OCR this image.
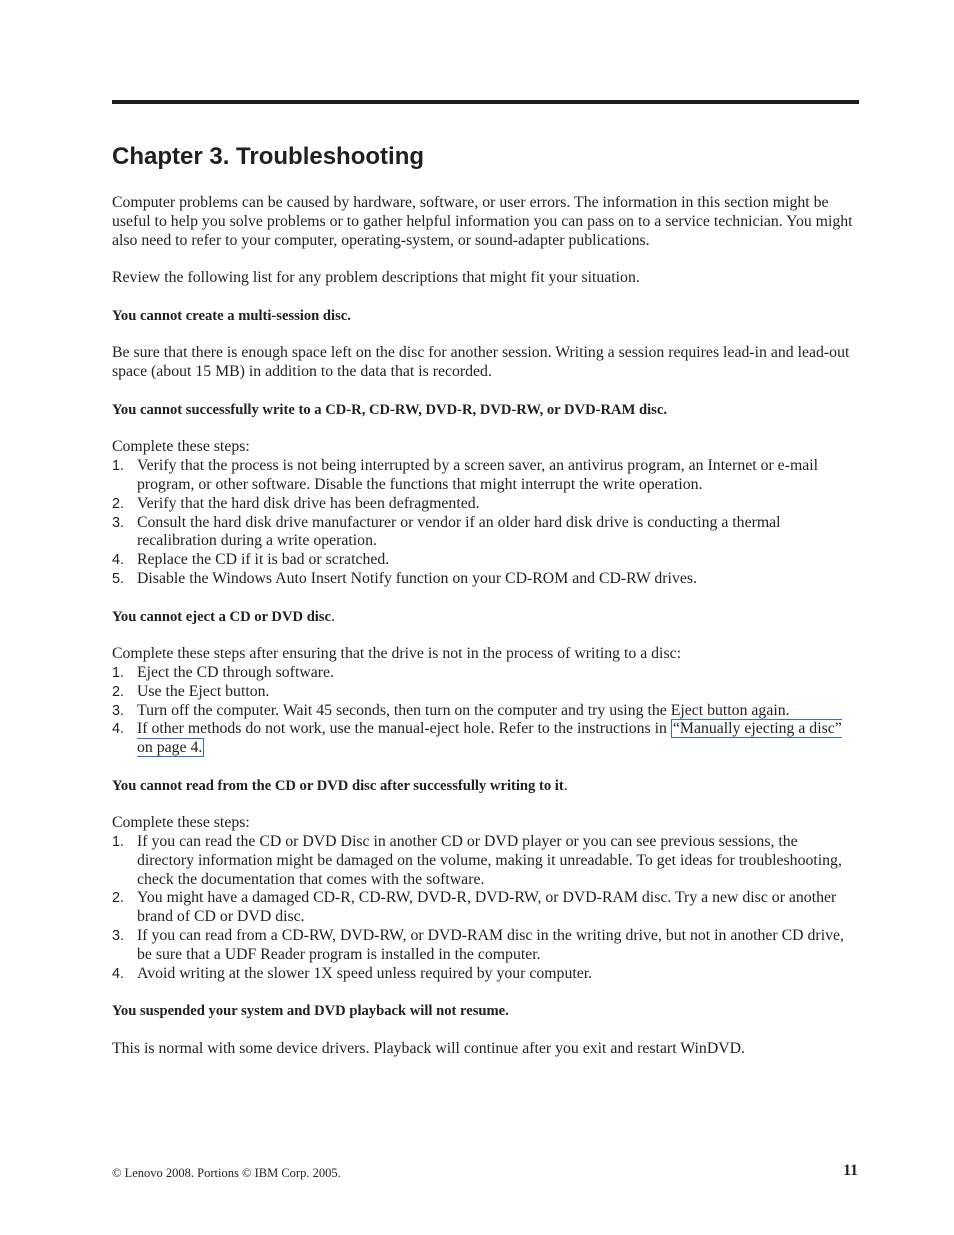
Chapter 3. Troubleshooting

Computer problems can be caused by hardware, software, or user errors. The information in this section might be useful to help you solve problems or to gather helpful information you can pass on to a service technician. You might also need to refer to your computer, operating-system, or sound-adapter publications.

Review the following list for any problem descriptions that might fit your situation.

You cannot create a multi-session disc.

Be sure that there is enough space left on the disc for another session. Writing a session requires lead-in and lead-out space (about 15 MB) in addition to the data that is recorded.

You cannot successfully write to a CD-R, CD-RW, DVD-R, DVD-RW, or DVD-RAM disc.

Complete these steps:

1. Verify that the process is not being interrupted by a screen saver, an antivirus program, an Internet or e-mail program, or other software. Disable the functions that might interrupt the write operation.
2. Verify that the hard disk drive has been defragmented.
3. Consult the hard disk drive manufacturer or vendor if an older hard disk drive is conducting a thermal recalibration during a write operation.
4. Replace the CD if it is bad or scratched.
5. Disable the Windows Auto Insert Notify function on your CD-ROM and CD-RW drives.

You cannot eject a CD or DVD disc.

Complete these steps after ensuring that the drive is not in the process of writing to a disc:

1. Eject the CD through software.
2. Use the Eject button.
3. Turn off the computer. Wait 45 seconds, then turn on the computer and try using the Eject button again.
4. If other methods do not work, use the manual-eject hole. Refer to the instructions in “Manually ejecting a disc” on page 4.

You cannot read from the CD or DVD disc after successfully writing to it.

Complete these steps:

1. If you can read the CD or DVD Disc in another CD or DVD player or you can see previous sessions, the directory information might be damaged on the volume, making it unreadable. To get ideas for troubleshooting, check the documentation that comes with the software.
2. You might have a damaged CD-R, CD-RW, DVD-R, DVD-RW, or DVD-RAM disc. Try a new disc or another brand of CD or DVD disc.
3. If you can read from a CD-RW, DVD-RW, or DVD-RAM disc in the writing drive, but not in another CD drive, be sure that a UDF Reader program is installed in the computer.
4. Avoid writing at the slower 1X speed unless required by your computer.

You suspended your system and DVD playback will not resume.

This is normal with some device drivers. Playback will continue after you exit and restart WinDVD.

© Lenovo 2008. Portions © IBM Corp. 2005.	11
